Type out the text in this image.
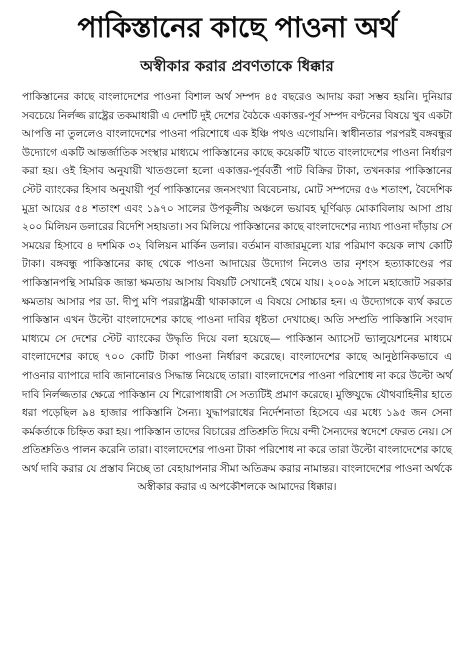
পাকিস্তানের কাছে পাওনা অর্থ
অস্বীকার করার প্রবণতাকে ধিক্কার

পাকিস্তানের কাছে বাংলাদেশের পাওনা বিশাল অর্থ সম্পদ ৪৫ বছরেও আদায় করা সম্ভব হয়নি। দুনিয়ার সবচেয়ে নির্লজ্জ রাষ্ট্রের তকমাধারী এ দেশটি দুই দেশের বৈঠকে একাত্তর-পূর্ব সম্পদ বণ্টনের বিষয়ে খুব একটা আপত্তি না তুললেও বাংলাদেশের পাওনা পরিশোধে এক ইঞ্চি পথও এগোয়নি। স্বাধীনতার পরপরই বঙ্গবন্ধুর উদ্যোগে একটি আন্তর্জাতিক সংস্থার মাধ্যমে পাকিস্তানের কাছে কয়েকটি খাতে বাংলাদেশের পাওনা নির্ধারণ করা হয়। ওই হিসাব অনুযায়ী খাতগুলো হলো একাত্তর-পূর্ববর্তী পাট বিক্রির টাকা, তখনকার পাকিস্তানের স্টেট ব্যাংকের হিসাব অনুযায়ী পূর্ব পাকিস্তানের জনসংখ্যা বিবেচনায়, মোট সম্পদের ৫৬ শতাংশ, বৈদেশিক মুদ্রা আয়ের ৫৪ শতাংশ এবং ১৯৭০ সালের উপকূলীয় অঞ্চলে ভয়াবহ ঘূর্ণিঝড় মোকাবিলায় আসা প্রায় ২০০ মিলিয়ন ডলারের বিদেশি সহায়তা। সব মিলিয়ে পাকিস্তানের কাছে বাংলাদেশের ন্যায্য পাওনা দাঁড়ায় সে সময়ের হিসাবে ৪ দশমিক ৩২ বিলিয়ন মার্কিন ডলার। বর্তমান বাজারমূল্যে যার পরিমাণ কয়েক লাখ কোটি টাকা। বঙ্গবন্ধু পাকিস্তানের কাছ থেকে পাওনা আদায়ের উদ্যোগ নিলেও তার নৃশংস হত্যাকাণ্ডের পর পাকিস্তানপন্থি সামরিক জান্তা ক্ষমতায় আসায় বিষয়টি সেখানেই থেমে যায়। ২০০৯ সালে মহাজোট সরকার ক্ষমতায় আসার পর ডা. দীপু মণি পররাষ্ট্রমন্ত্রী থাকাকালে এ বিষয়ে সোচ্চার হন। এ উদ্যোগকে ব্যর্থ করতে পাকিস্তান এখন উল্টো বাংলাদেশের কাছে পাওনা দাবির ধৃষ্টতা দেখাচ্ছে। অতি সম্প্রতি পাকিস্তানি সংবাদ মাধ্যমে সে দেশের স্টেট ব্যাংকের উদ্ধৃতি দিয়ে বলা হয়েছে— পাকিস্তান অ্যাসেট ভ্যালুয়েশনের মাধ্যমে বাংলাদেশের কাছে ৭০০ কোটি টাকা পাওনা নির্ধারণ করেছে। বাংলাদেশের কাছে আনুষ্ঠানিকভাবে এ পাওনার ব্যাপারে দাবি জানানোরও সিদ্ধান্ত নিয়েছে তারা। বাংলাদেশের পাওনা পরিশোধ না করে উল্টো অর্থ দাবি নির্লজ্জতার ক্ষেত্রে পাকিস্তান যে শিরোপাধারী সে সত্যটিই প্রমাণ করেছে। মুক্তিযুদ্ধে যৌথবাহিনীর হাতে ধরা পড়েছিল ৯৪ হাজার পাকিস্তানি সৈন্য। যুদ্ধাপরাধের নির্দেশনাতা হিসেবে এর মধ্যে ১৯৫ জন সেনা কর্মকর্তাকে চিহ্নিত করা হয়। পাকিস্তান তাদের বিচারের প্রতিশ্রুতি দিয়ে বন্দী সৈন্যদের স্বদেশে ফেরত নেয়। সে প্রতিশ্রুতিও পালন করেনি তারা। বাংলাদেশের পাওনা টাকা পরিশোধ না করে তারা উল্টো বাংলাদেশের কাছে অর্থ দাবি করার যে প্রস্তাব নিচ্ছে তা বেহায়াপনার সীমা অতিক্রম করার নামান্তর। বাংলাদেশের পাওনা অর্থকে অস্বীকার করার এ অপকৌশলকে আমাদের ধিক্কার।
